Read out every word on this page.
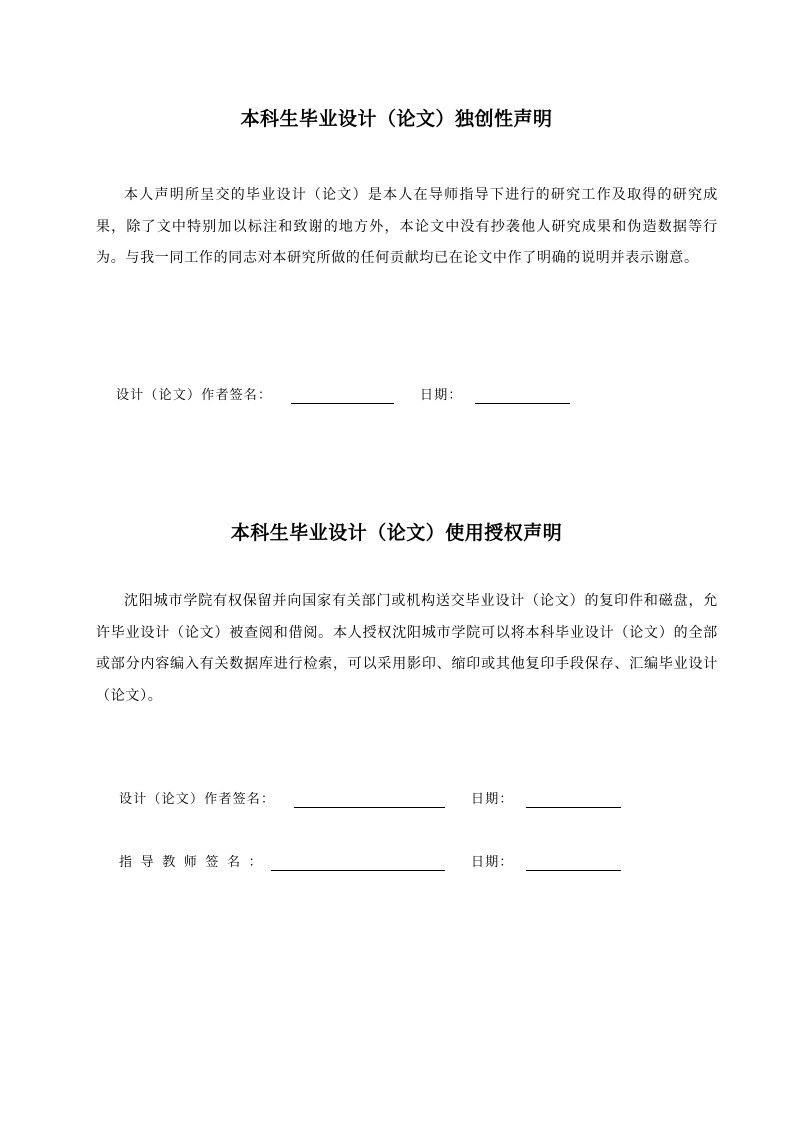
本科生毕业设计（论文）独创性声明

本人声明所呈交的毕业设计（论文）是本人在导师指导下进行的研究工作及取得的研究成果，除了文中特别加以标注和致谢的地方外，本论文中没有抄袭他人研究成果和伪造数据等行为。与我一同工作的同志对本研究所做的任何贡献均已在论文中作了明确的说明并表示谢意。

设计（论文）作者签名：	日期：
本科生毕业设计（论文）使用授权声明

沈阳城市学院有权保留并向国家有关部门或机构送交毕业设计（论文）的复印件和磁盘，允许毕业设计（论文）被查阅和借阅。本人授权沈阳城市学院可以将本科毕业设计（论文）的全部或部分内容编入有关数据库进行检索，可以采用影印、缩印或其他复印手段保存、汇编毕业设计（论文）。

设计（论文）作者签名：	日期：
指导教师签名：	日期：
